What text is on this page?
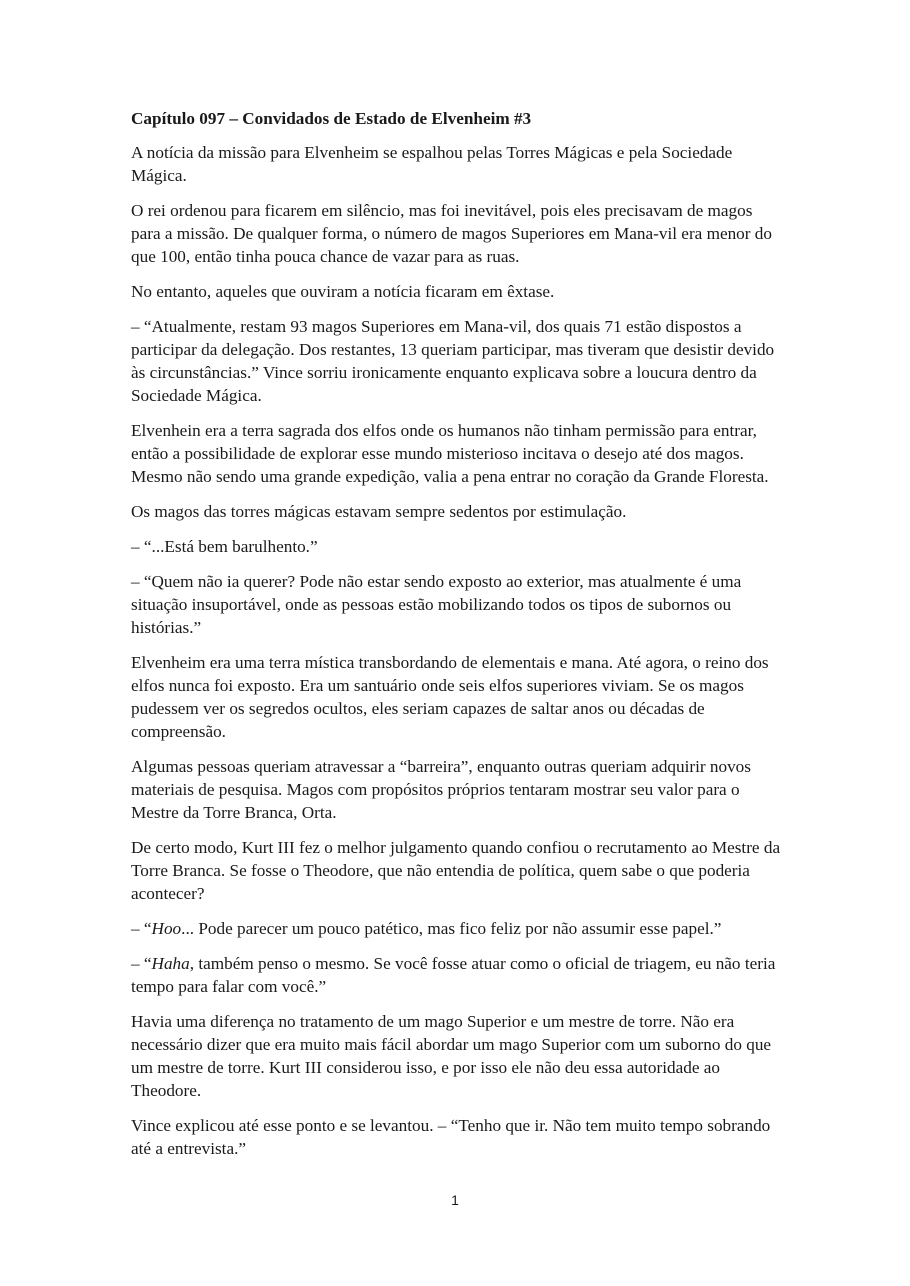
Capítulo 097 – Convidados de Estado de Elvenheim #3

A notícia da missão para Elvenheim se espalhou pelas Torres Mágicas e pela Sociedade Mágica.

O rei ordenou para ficarem em silêncio, mas foi inevitável, pois eles precisavam de magos para a missão. De qualquer forma, o número de magos Superiores em Mana-vil era menor do que 100, então tinha pouca chance de vazar para as ruas.

No entanto, aqueles que ouviram a notícia ficaram em êxtase.

– “Atualmente, restam 93 magos Superiores em Mana-vil, dos quais 71 estão dispostos a participar da delegação. Dos restantes, 13 queriam participar, mas tiveram que desistir devido às circunstâncias.” Vince sorriu ironicamente enquanto explicava sobre a loucura dentro da Sociedade Mágica.

Elvenhein era a terra sagrada dos elfos onde os humanos não tinham permissão para entrar, então a possibilidade de explorar esse mundo misterioso incitava o desejo até dos magos. Mesmo não sendo uma grande expedição, valia a pena entrar no coração da Grande Floresta.

Os magos das torres mágicas estavam sempre sedentos por estimulação.

– “...Está bem barulhento.”

– “Quem não ia querer? Pode não estar sendo exposto ao exterior, mas atualmente é uma situação insuportável, onde as pessoas estão mobilizando todos os tipos de subornos ou histórias.”

Elvenheim era uma terra mística transbordando de elementais e mana. Até agora, o reino dos elfos nunca foi exposto. Era um santuário onde seis elfos superiores viviam. Se os magos pudessem ver os segredos ocultos, eles seriam capazes de saltar anos ou décadas de compreensão.

Algumas pessoas queriam atravessar a “barreira”, enquanto outras queriam adquirir novos materiais de pesquisa. Magos com propósitos próprios tentaram mostrar seu valor para o Mestre da Torre Branca, Orta.

De certo modo, Kurt III fez o melhor julgamento quando confiou o recrutamento ao Mestre da Torre Branca. Se fosse o Theodore, que não entendia de política, quem sabe o que poderia acontecer?

– “Hoo... Pode parecer um pouco patético, mas fico feliz por não assumir esse papel.”

– “Haha, também penso o mesmo. Se você fosse atuar como o oficial de triagem, eu não teria tempo para falar com você.”

Havia uma diferença no tratamento de um mago Superior e um mestre de torre. Não era necessário dizer que era muito mais fácil abordar um mago Superior com um suborno do que um mestre de torre. Kurt III considerou isso, e por isso ele não deu essa autoridade ao Theodore.

Vince explicou até esse ponto e se levantou. – “Tenho que ir. Não tem muito tempo sobrando até a entrevista.”

1
